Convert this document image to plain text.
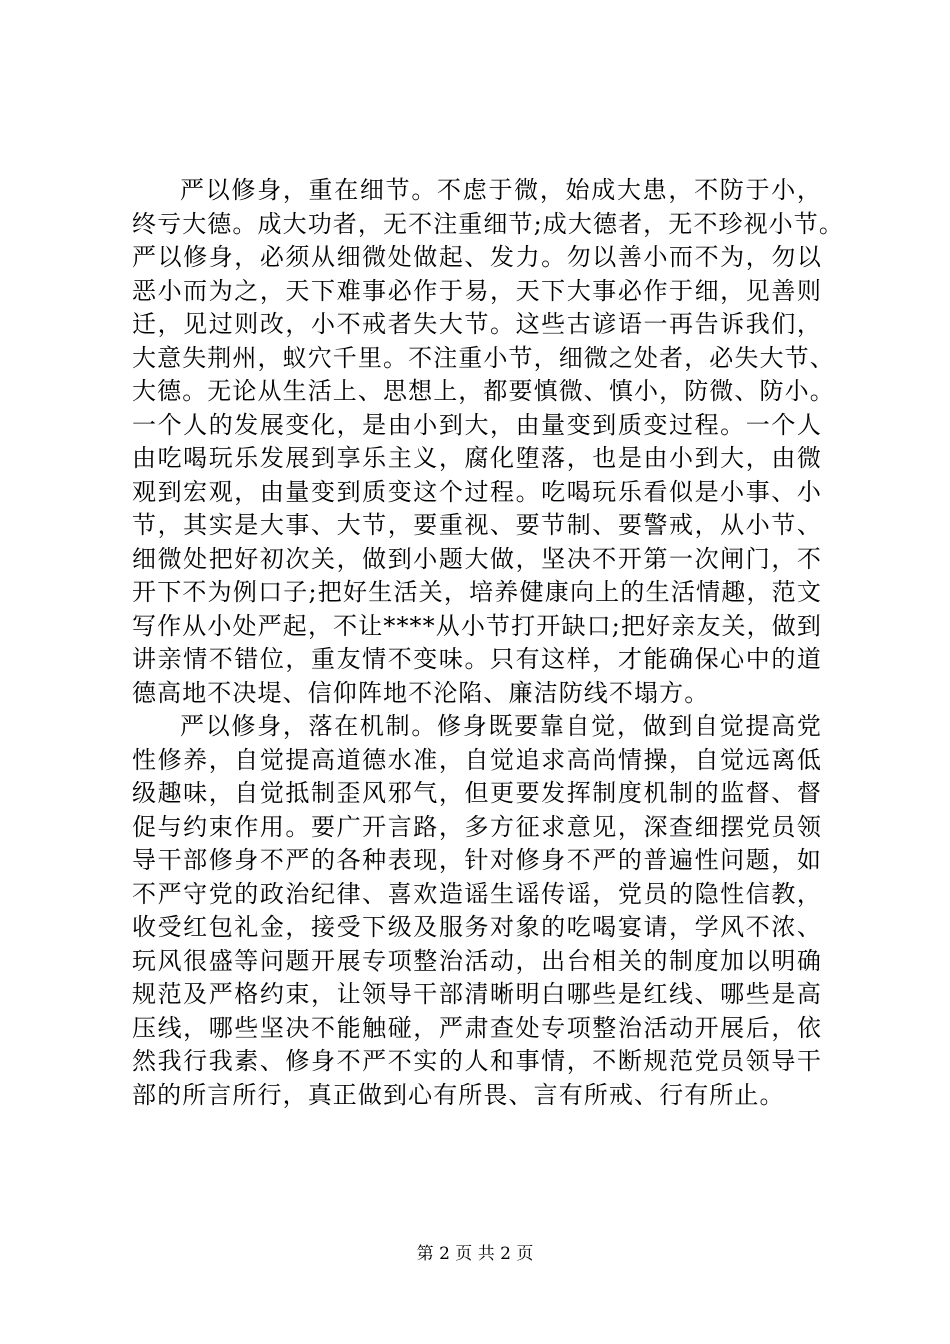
严以修身，重在细节。不虑于微，始成大患，不防于小，
终亏大德。成大功者，无不注重细节;成大德者，无不珍视小节。
严以修身，必须从细微处做起、发力。勿以善小而不为，勿以
恶小而为之，天下难事必作于易，天下大事必作于细，见善则
迁，见过则改，小不戒者失大节。这些古谚语一再告诉我们，
大意失荆州，蚁穴千里。不注重小节，细微之处者，必失大节、
大德。无论从生活上、思想上，都要慎微、慎小，防微、防小。
一个人的发展变化，是由小到大，由量变到质变过程。一个人
由吃喝玩乐发展到享乐主义，腐化堕落，也是由小到大，由微
观到宏观，由量变到质变这个过程。吃喝玩乐看似是小事、小
节，其实是大事、大节，要重视、要节制、要警戒，从小节、
细微处把好初次关，做到小题大做，坚决不开第一次闸门，不
开下不为例口子;把好生活关，培养健康向上的生活情趣，范文
写作从小处严起，不让****从小节打开缺口;把好亲友关，做到
讲亲情不错位，重友情不变味。只有这样，才能确保心中的道
德高地不决堤、信仰阵地不沦陷、廉洁防线不塌方。
严以修身，落在机制。修身既要靠自觉，做到自觉提高党
性修养，自觉提高道德水准，自觉追求高尚情操，自觉远离低
级趣味，自觉抵制歪风邪气，但更要发挥制度机制的监督、督
促与约束作用。要广开言路，多方征求意见，深查细摆党员领
导干部修身不严的各种表现，针对修身不严的普遍性问题，如
不严守党的政治纪律、喜欢造谣生谣传谣，党员的隐性信教，
收受红包礼金，接受下级及服务对象的吃喝宴请，学风不浓、
玩风很盛等问题开展专项整治活动，出台相关的制度加以明确
规范及严格约束，让领导干部清晰明白哪些是红线、哪些是高
压线，哪些坚决不能触碰，严肃查处专项整治活动开展后，依
然我行我素、修身不严不实的人和事情，不断规范党员领导干
部的所言所行，真正做到心有所畏、言有所戒、行有所止。
第 2 页 共 2 页
